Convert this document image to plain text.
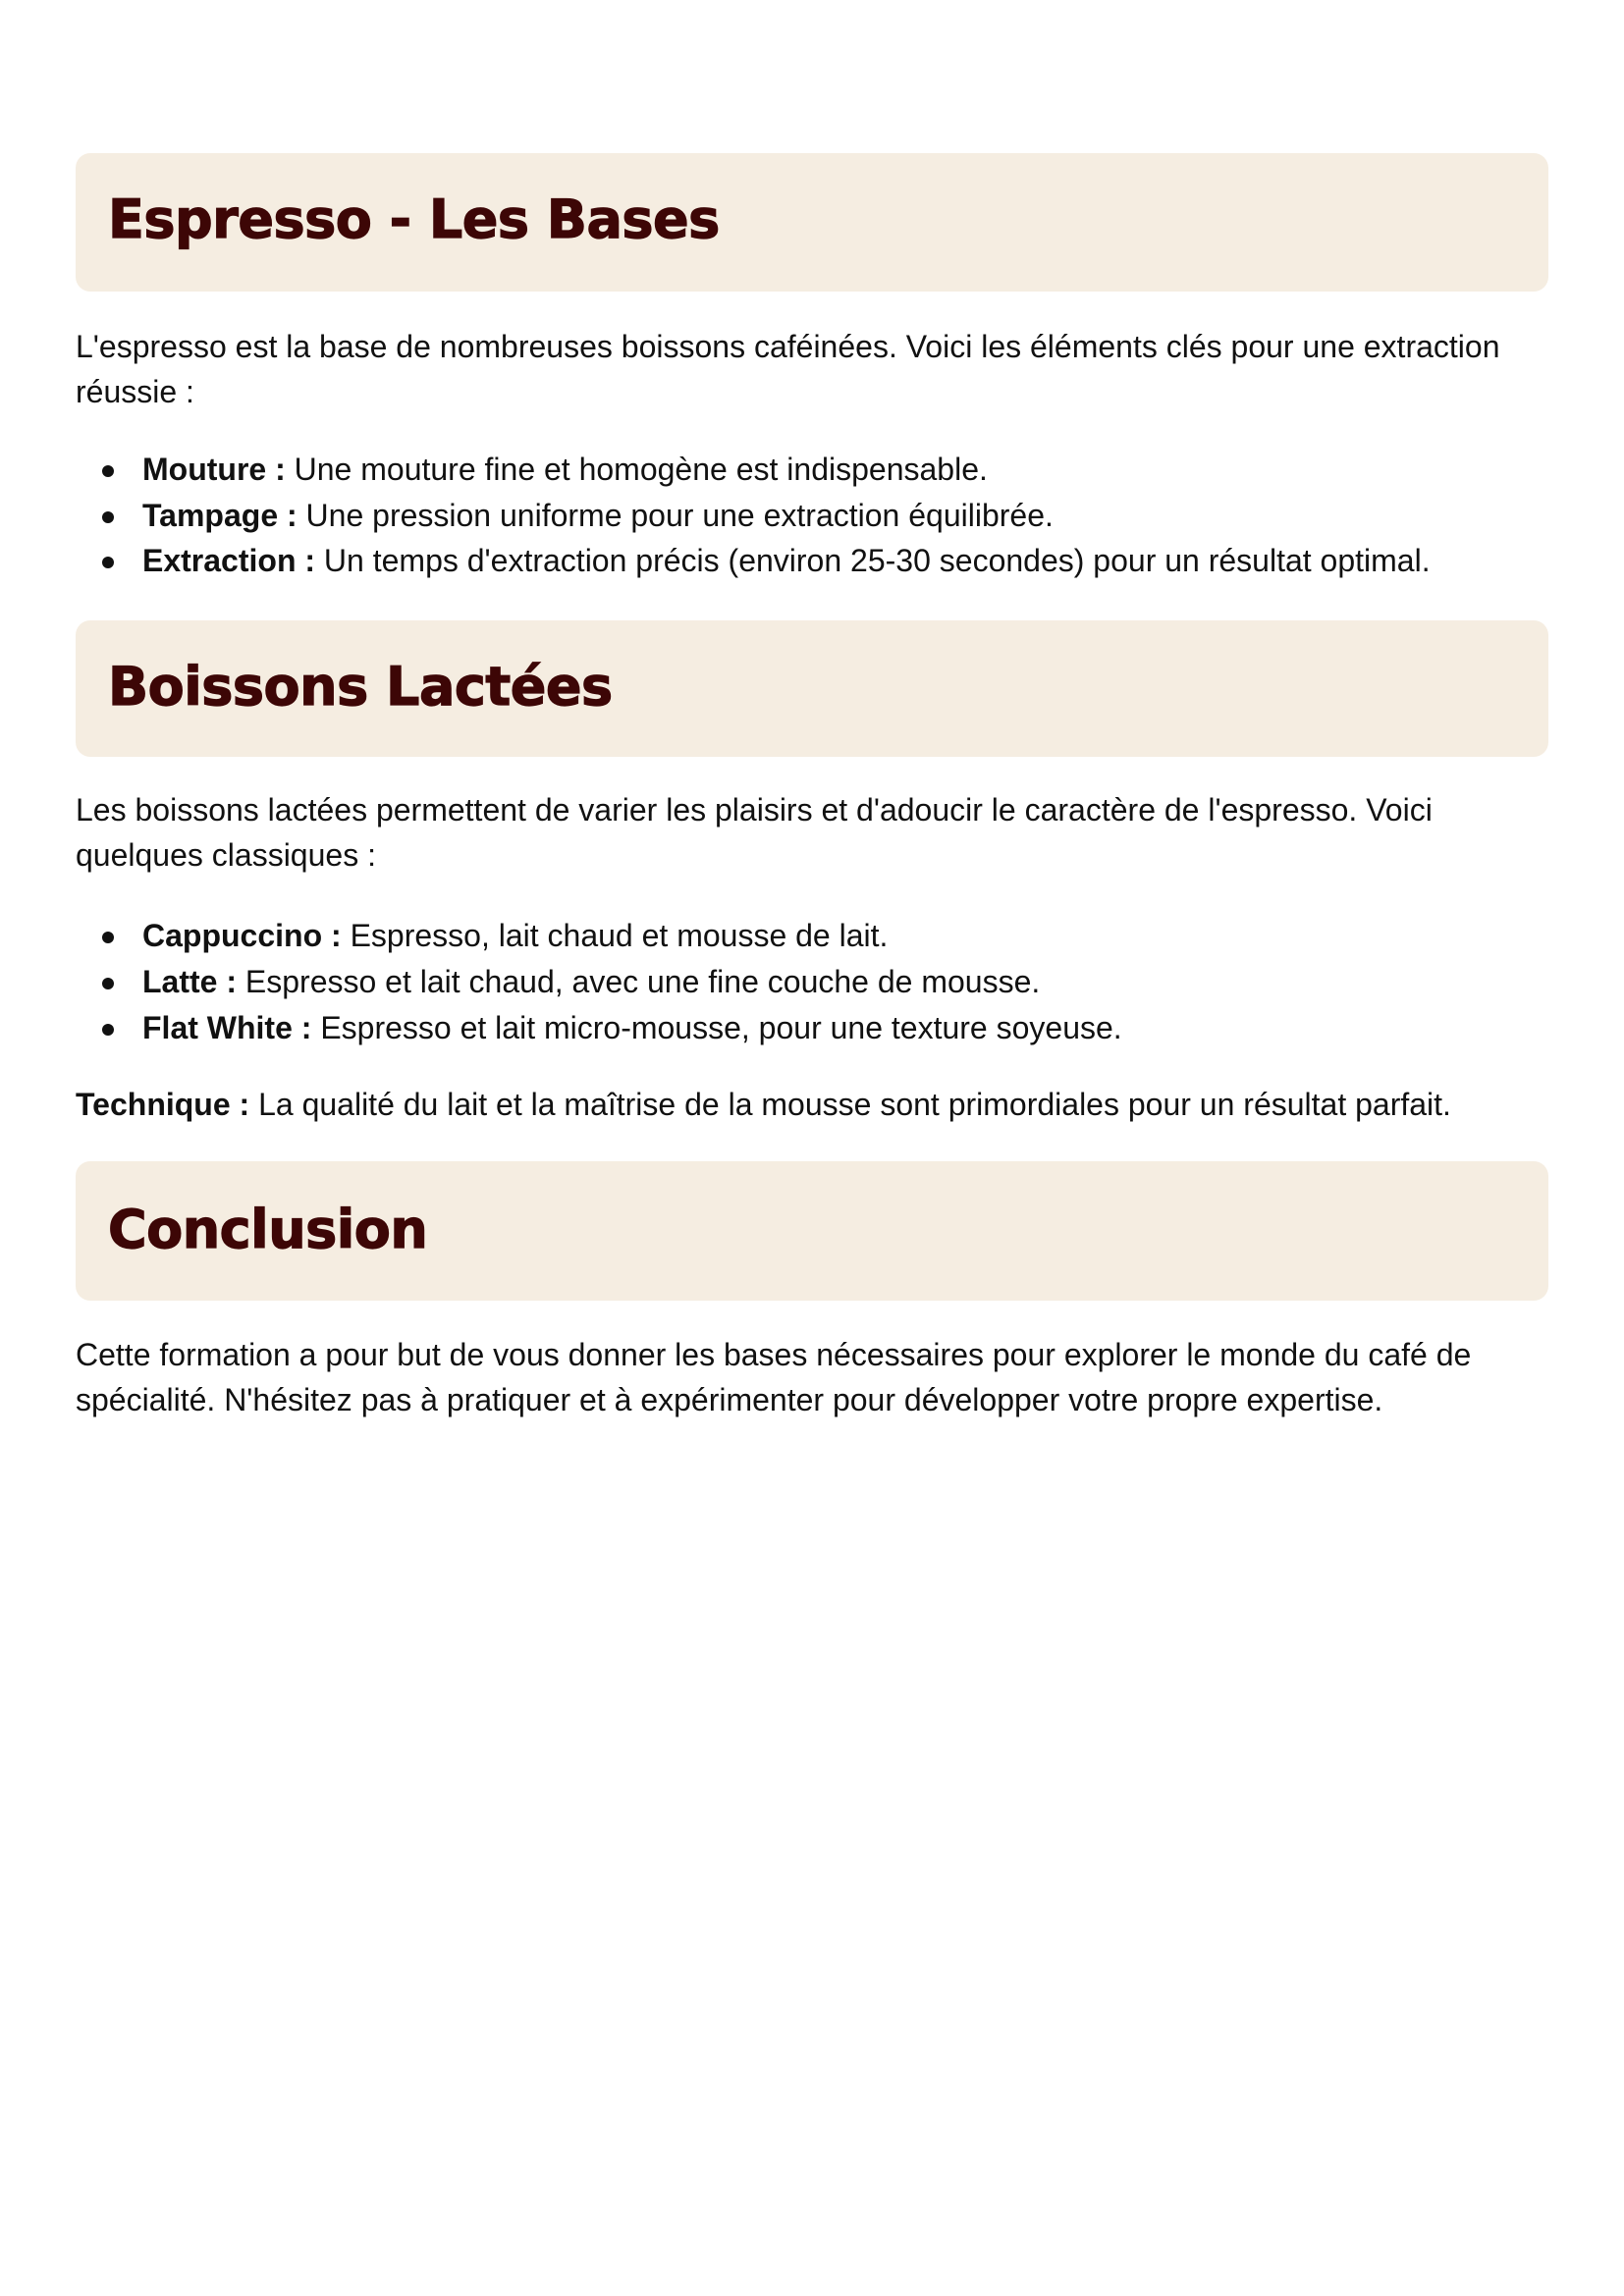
Espresso - Les Bases

L'espresso est la base de nombreuses boissons caféinées. Voici les éléments clés pour une extraction réussie :

Mouture : Une mouture fine et homogène est indispensable.
Tampage : Une pression uniforme pour une extraction équilibrée.
Extraction : Un temps d'extraction précis (environ 25-30 secondes) pour un résultat optimal.
Boissons Lactées

Les boissons lactées permettent de varier les plaisirs et d'adoucir le caractère de l'espresso. Voici quelques classiques :

Cappuccino : Espresso, lait chaud et mousse de lait.
Latte : Espresso et lait chaud, avec une fine couche de mousse.
Flat White : Espresso et lait micro-mousse, pour une texture soyeuse.

Technique : La qualité du lait et la maîtrise de la mousse sont primordiales pour un résultat parfait.

Conclusion

Cette formation a pour but de vous donner les bases nécessaires pour explorer le monde du café de spécialité. N'hésitez pas à pratiquer et à expérimenter pour développer votre propre expertise.
